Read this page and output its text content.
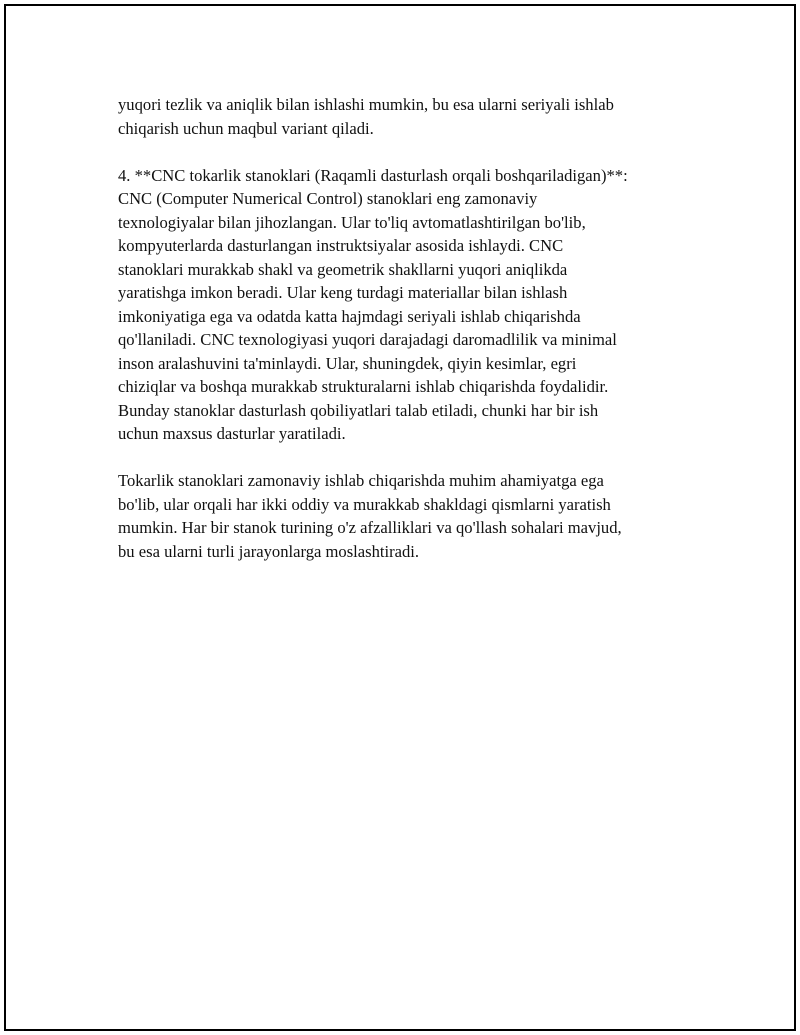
yuqori tezlik va aniqlik bilan ishlashi mumkin, bu esa ularni seriyali ishlab
chiqarish uchun maqbul variant qiladi.
4. **CNC tokarlik stanoklari (Raqamli dasturlash orqali boshqariladigan)**:
CNC (Computer Numerical Control) stanoklari eng zamonaviy
texnologiyalar bilan jihozlangan. Ular to'liq avtomatlashtirilgan bo'lib,
kompyuterlarda dasturlangan instruktsiyalar asosida ishlaydi. CNC
stanoklari murakkab shakl va geometrik shakllarni yuqori aniqlikda
yaratishga imkon beradi. Ular keng turdagi materiallar bilan ishlash
imkoniyatiga ega va odatda katta hajmdagi seriyali ishlab chiqarishda
qo'llaniladi. CNC texnologiyasi yuqori darajadagi daromadlilik va minimal
inson aralashuvini ta'minlaydi. Ular, shuningdek, qiyin kesimlar, egri
chiziqlar va boshqa murakkab strukturalarni ishlab chiqarishda foydalidir.
Bunday stanoklar dasturlash qobiliyatlari talab etiladi, chunki har bir ish
uchun maxsus dasturlar yaratiladi.
Tokarlik stanoklari zamonaviy ishlab chiqarishda muhim ahamiyatga ega
bo'lib, ular orqali har ikki oddiy va murakkab shakldagi qismlarni yaratish
mumkin. Har bir stanok turining o'z afzalliklari va qo'llash sohalari mavjud,
bu esa ularni turli jarayonlarga moslashtiradi.
